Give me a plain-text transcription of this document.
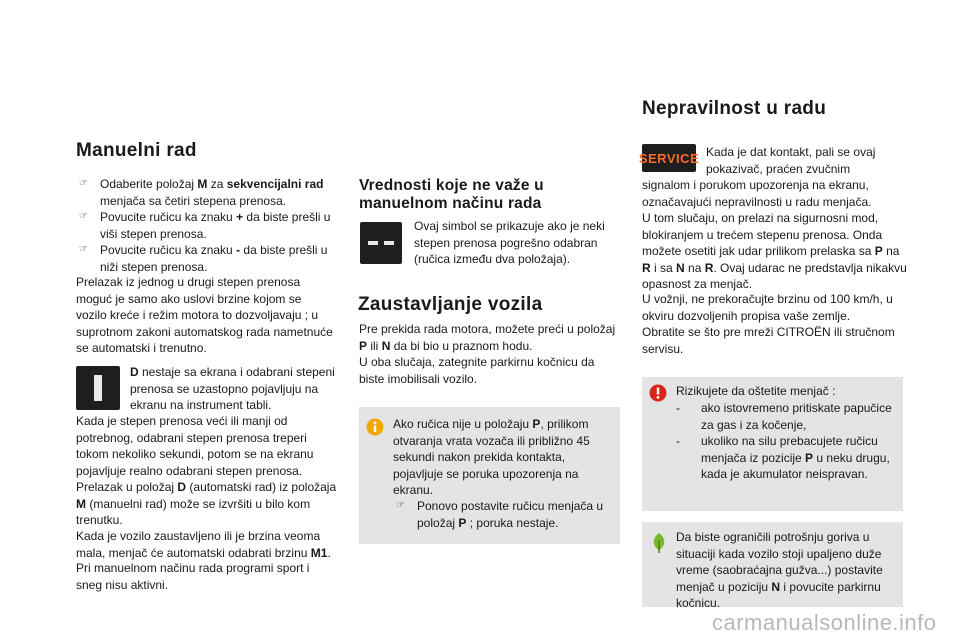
Manuelni rad
☞ Odaberite položaj M za sekvencijalni rad menjača sa četiri stepena prenosa.
☞ Povucite ručicu ka znaku + da biste prešli u viši stepen prenosa.
☞ Povucite ručicu ka znaku - da biste prešli u niži stepen prenosa.

Prelazak iz jednog u drugi stepen prenosa moguć je samo ako uslovi brzine kojom se vozilo kreće i režim motora to dozvoljavaju ; u suprotnom zakoni automatskog rada nametnuće se automatski i trenutno.

D nestaje sa ekrana i odabrani stepeni prenosa se uzastopno pojavljuju na ekranu na instrument tabli.

Kada je stepen prenosa veći ili manji od potrebnog, odabrani stepen prenosa treperi tokom nekoliko sekundi, potom se na ekranu pojavljuje realno odabrani stepen prenosa.

Prelazak u položaj D (automatski rad) iz položaja M (manuelni rad) može se izvršiti u bilo kom trenutku.

Kada je vozilo zaustavljeno ili je brzina veoma mala, menjač će automatski odabrati brzinu M1.

Pri manuelnom načinu rada programi sport i sneg nisu aktivni.

Vrednosti koje ne važe u
manuelnom načinu rada

Ovaj simbol se prikazuje ako je neki stepen prenosa pogrešno odabran (ručica između dva položaja).

Zaustavljanje vozila

Pre prekida rada motora, možete preći u položaj P ili N da bi bio u praznom hodu.
U oba slučaja, zategnite parkirnu kočnicu da biste imobilisali vozilo.

Ako ručica nije u položaju P, prilikom otvaranja vrata vozača ili približno 45 sekundi nakon prekida kontakta, pojavljuje se poruka upozorenja na ekranu.

☞ Ponovo postavite ručicu menjača u položaj P ; poruka nestaje.
Nepravilnost u radu
SERVICE Kada je dat kontakt, pali se ovaj pokazivač, praćen zvučnim

signalom i porukom upozorenja na ekranu, označavajući nepravilnosti u radu menjača.

U tom slučaju, on prelazi na sigurnosni mod, blokiranjem u trećem stepenu prenosa. Onda možete osetiti jak udar prilikom prelaska sa P na R i sa N na R. Ovaj udarac ne predstavlja nikakvu opasnost za menjač.

U vožnji, ne prekoračujte brzinu od 100 km/h, u okviru dozvoljenih propisa vaše zemlje.

Obratite se što pre mreži CITROËN ili stručnom servisu.

Rizikujete da oštetite menjač :

- ako istovremeno pritiskate papučice za gas i za kočenje,
- ukoliko na silu prebacujete ručicu menjača iz pozicije P u neku drugu, kada je akumulator neispravan.

Da biste ograničili potrošnju goriva u situaciji kada vozilo stoji upaljeno duže vreme (saobraćajna gužva...) postavite menjač u poziciju N i povucite parkirnu kočnicu.

carmanualsonline.info
